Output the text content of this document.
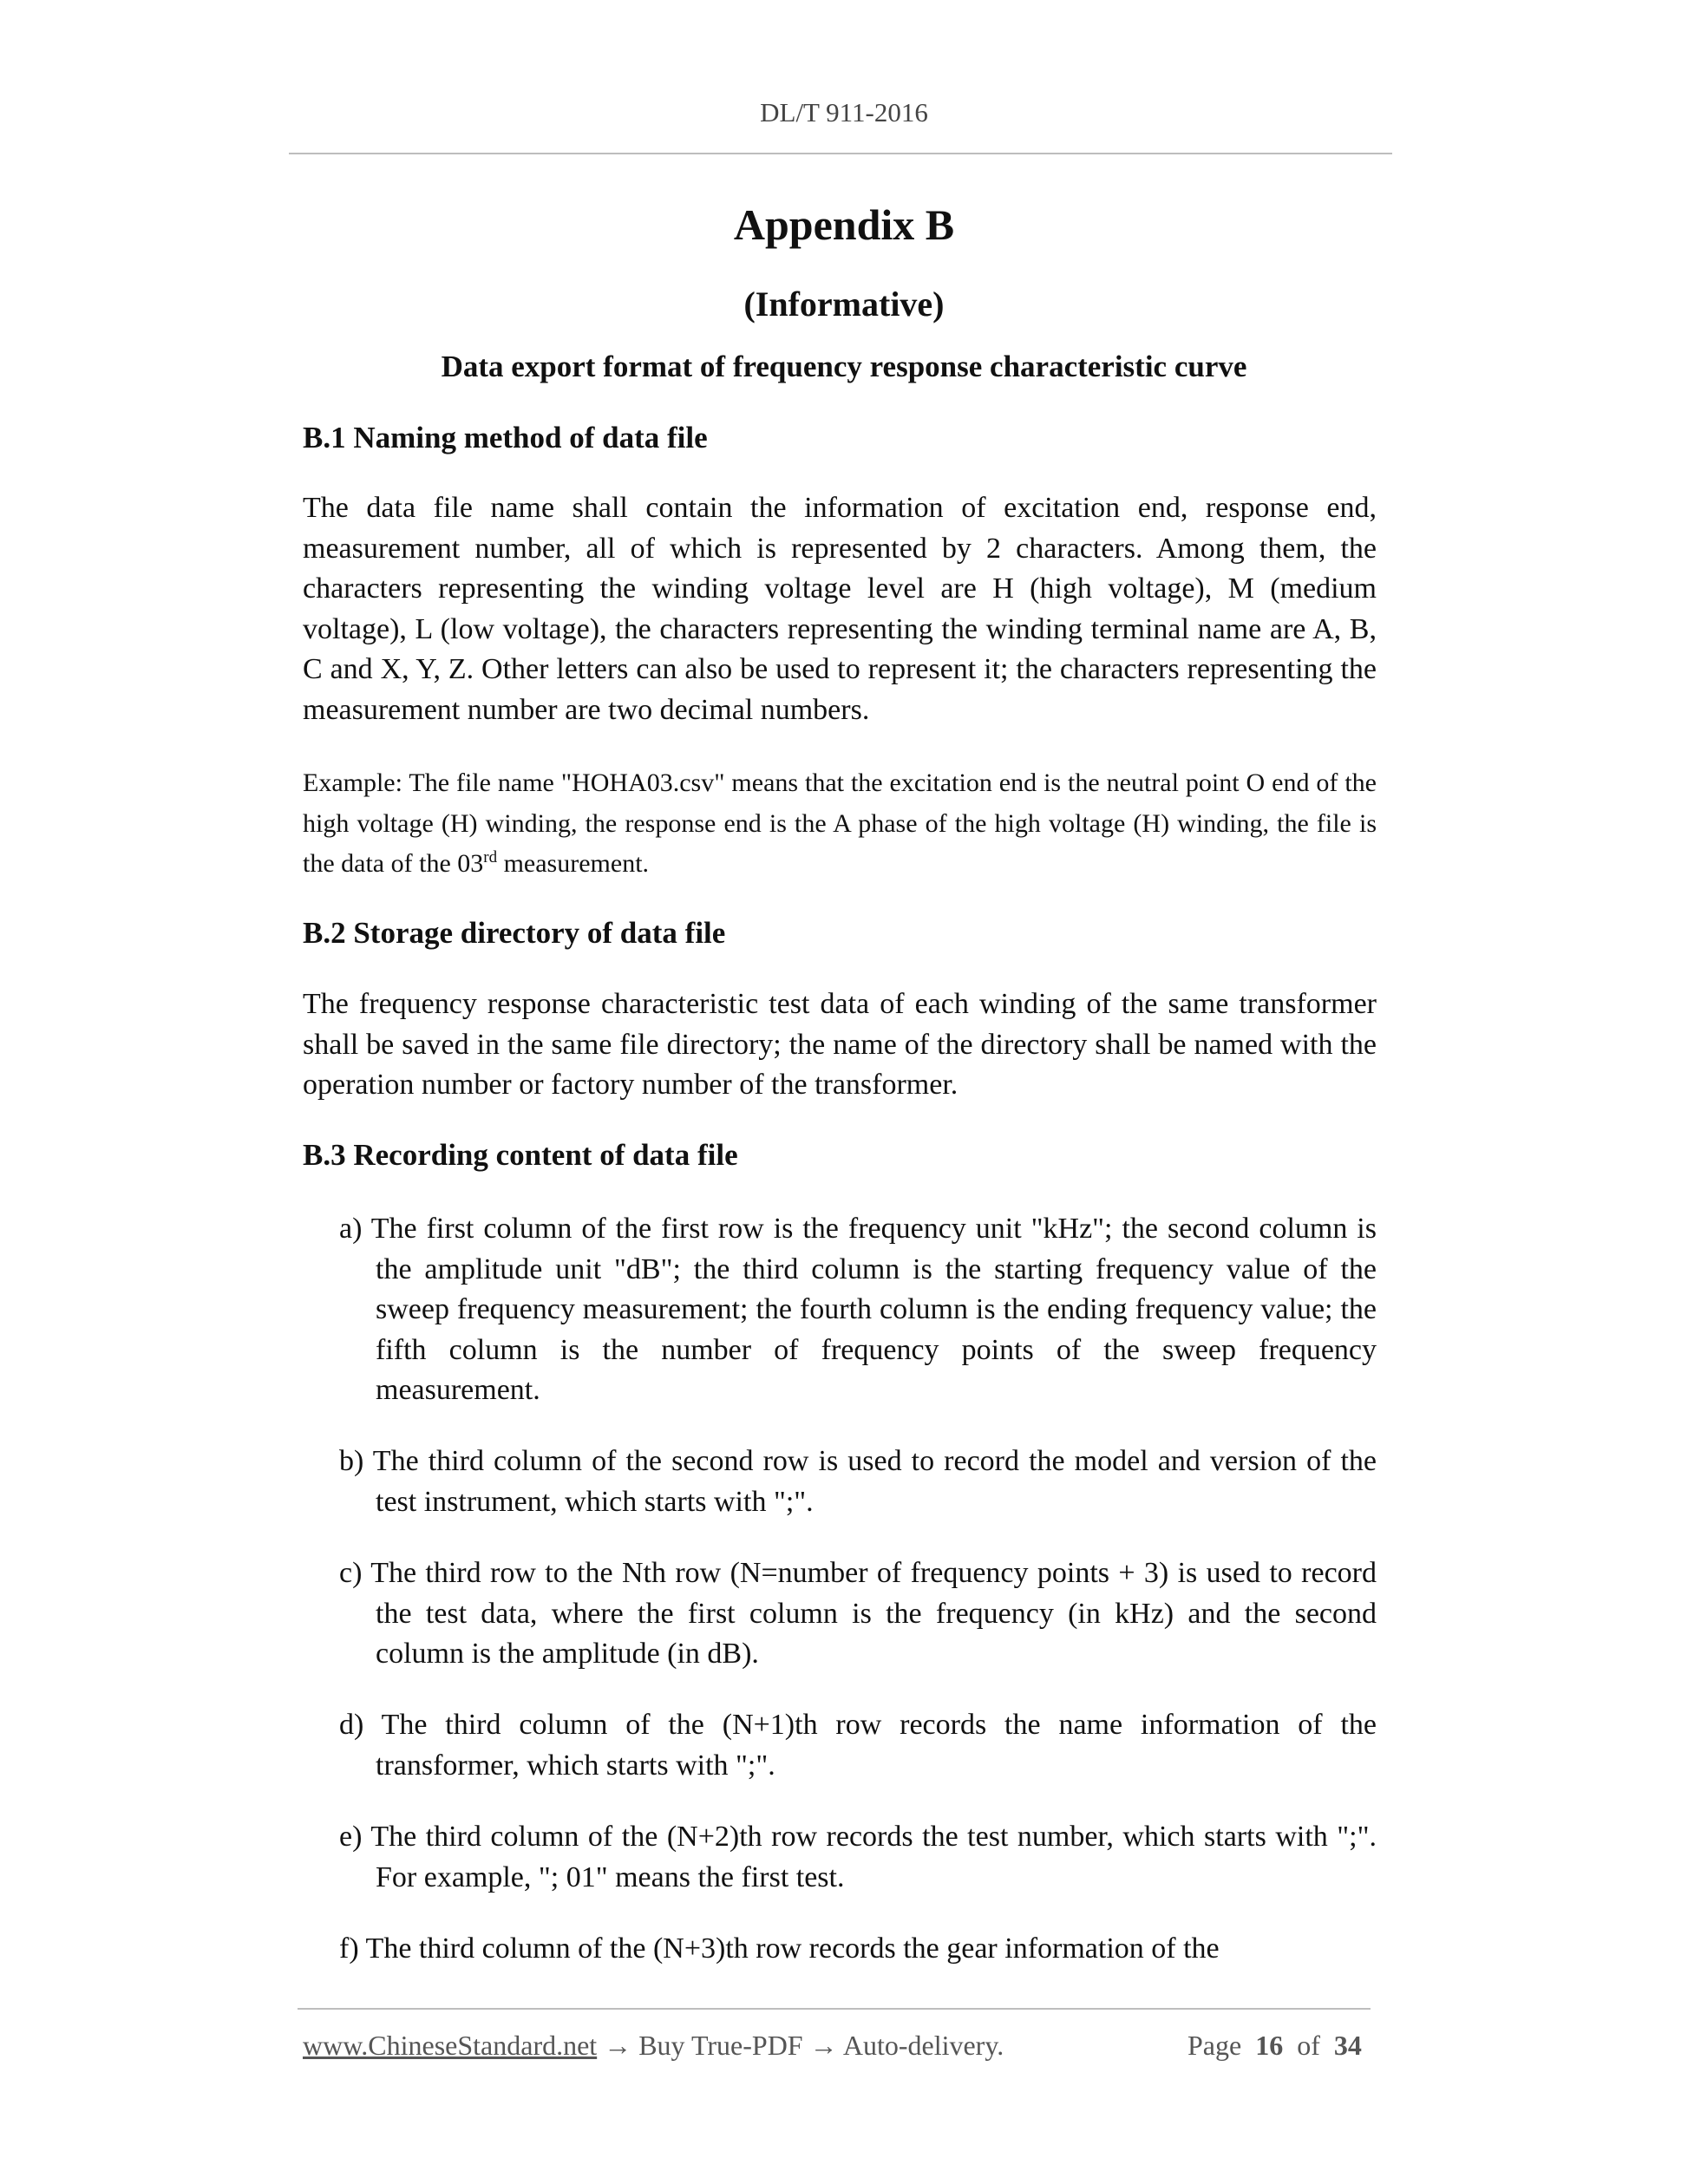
DL/T 911-2016
Appendix B
(Informative)
Data export format of frequency response characteristic curve
B.1 Naming method of data file

The data file name shall contain the information of excitation end, response end, measurement number, all of which is represented by 2 characters. Among them, the characters representing the winding voltage level are H (high voltage), M (medium voltage), L (low voltage), the characters representing the winding terminal name are A, B, C and X, Y, Z. Other letters can also be used to represent it; the characters representing the measurement number are two decimal numbers.

Example: The file name "HOHA03.csv" means that the excitation end is the neutral point O end of the high voltage (H) winding, the response end is the A phase of the high voltage (H) winding, the file is the data of the 03rd measurement.

B.2 Storage directory of data file

The frequency response characteristic test data of each winding of the same transformer shall be saved in the same file directory; the name of the directory shall be named with the operation number or factory number of the transformer.

B.3 Recording content of data file

a) The first column of the first row is the frequency unit "kHz"; the second column is the amplitude unit "dB"; the third column is the starting frequency value of the sweep frequency measurement; the fourth column is the ending frequency value; the fifth column is the number of frequency points of the sweep frequency measurement.

b) The third column of the second row is used to record the model and version of the test instrument, which starts with ";".

c) The third row to the Nth row (N=number of frequency points + 3) is used to record the test data, where the first column is the frequency (in kHz) and the second column is the amplitude (in dB).

d) The third column of the (N+1)th row records the name information of the transformer, which starts with ";".

e) The third column of the (N+2)th row records the test number, which starts with ";". For example, "; 01" means the first test.

f) The third column of the (N+3)th row records the gear information of the

www.ChineseStandard.net → Buy True-PDF → Auto-delivery.	Page 16 of 34
